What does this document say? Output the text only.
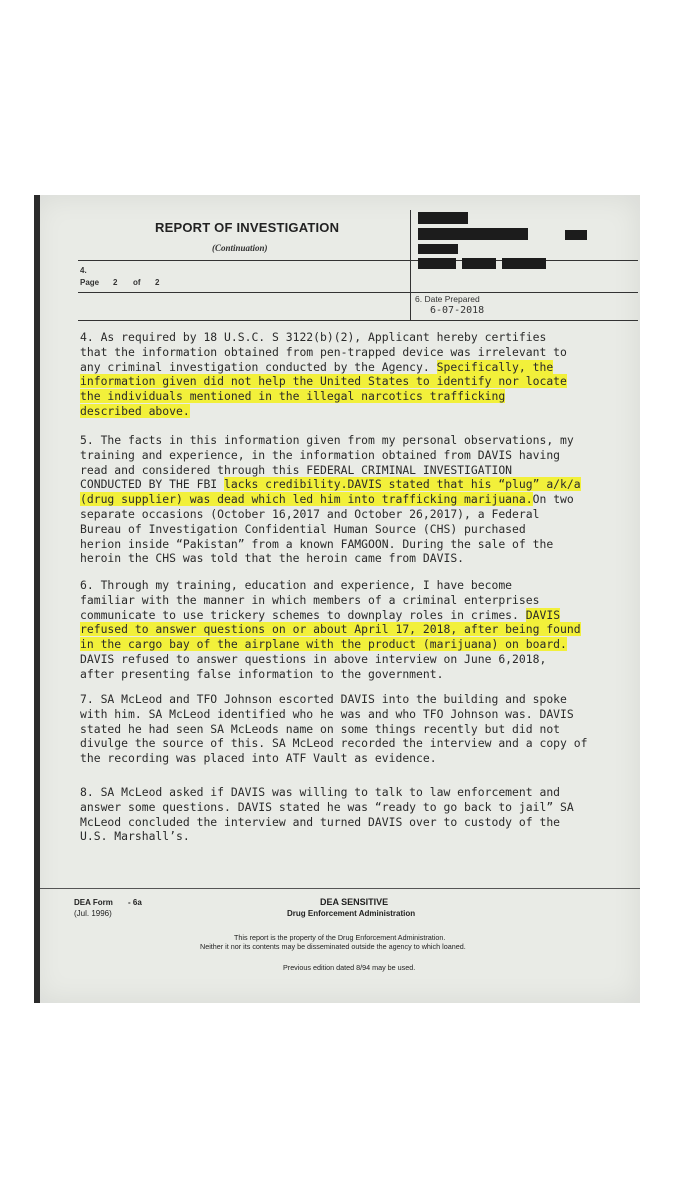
REPORT OF INVESTIGATION
(Continuation)
4.
Page 2 of 2
6. Date Prepared
6-07-2018

4. As required by 18 U.S.C. S 3122(b)(2), Applicant hereby certifies

that the information obtained from pen-trapped device was irrelevant to

any criminal investigation conducted by the Agency. Specifically, the

information given did not help the United States to identify nor locate

the individuals mentioned in the illegal narcotics trafficking

described above.

5. The facts in this information given from my personal observations, my

training and experience, in the information obtained from DAVIS having

read and considered through this FEDERAL CRIMINAL INVESTIGATION

CONDUCTED BY THE FBI lacks credibility.DAVIS stated that his “plug” a/k/a

(drug supplier) was dead which led him into trafficking marijuana.On two

separate occasions (October 16,2017 and October 26,2017), a Federal

Bureau of Investigation Confidential Human Source (CHS) purchased

herion inside “Pakistan” from a known FAMGOON. During the sale of the

heroin the CHS was told that the heroin came from DAVIS.

6. Through my training, education and experience, I have become

familiar with the manner in which members of a criminal enterprises

communicate to use trickery schemes to downplay roles in crimes. DAVIS

refused to answer questions on or about April 17, 2018, after being found

in the cargo bay of the airplane with the product (marijuana) on board.

DAVIS refused to answer questions in above interview on June 6,2018,

after presenting false information to the government.

7. SA McLeod and TFO Johnson escorted DAVIS into the building and spoke

with him. SA McLeod identified who he was and who TFO Johnson was. DAVIS

stated he had seen SA McLeods name on some things recently but did not

divulge the source of this. SA McLeod recorded the interview and a copy of

the recording was placed into ATF Vault as evidence.

8. SA McLeod asked if DAVIS was willing to talk to law enforcement and

answer some questions. DAVIS stated he was “ready to go back to jail” SA

McLeod concluded the interview and turned DAVIS over to custody of the

U.S. Marshall’s.

DEA Form - 6a
(Jul. 1996)
DEA SENSITIVE
Drug Enforcement Administration
This report is the property of the Drug Enforcement Administration.
Neither it nor its contents may be disseminated outside the agency to which loaned.
Previous edition dated 8/94 may be used.
